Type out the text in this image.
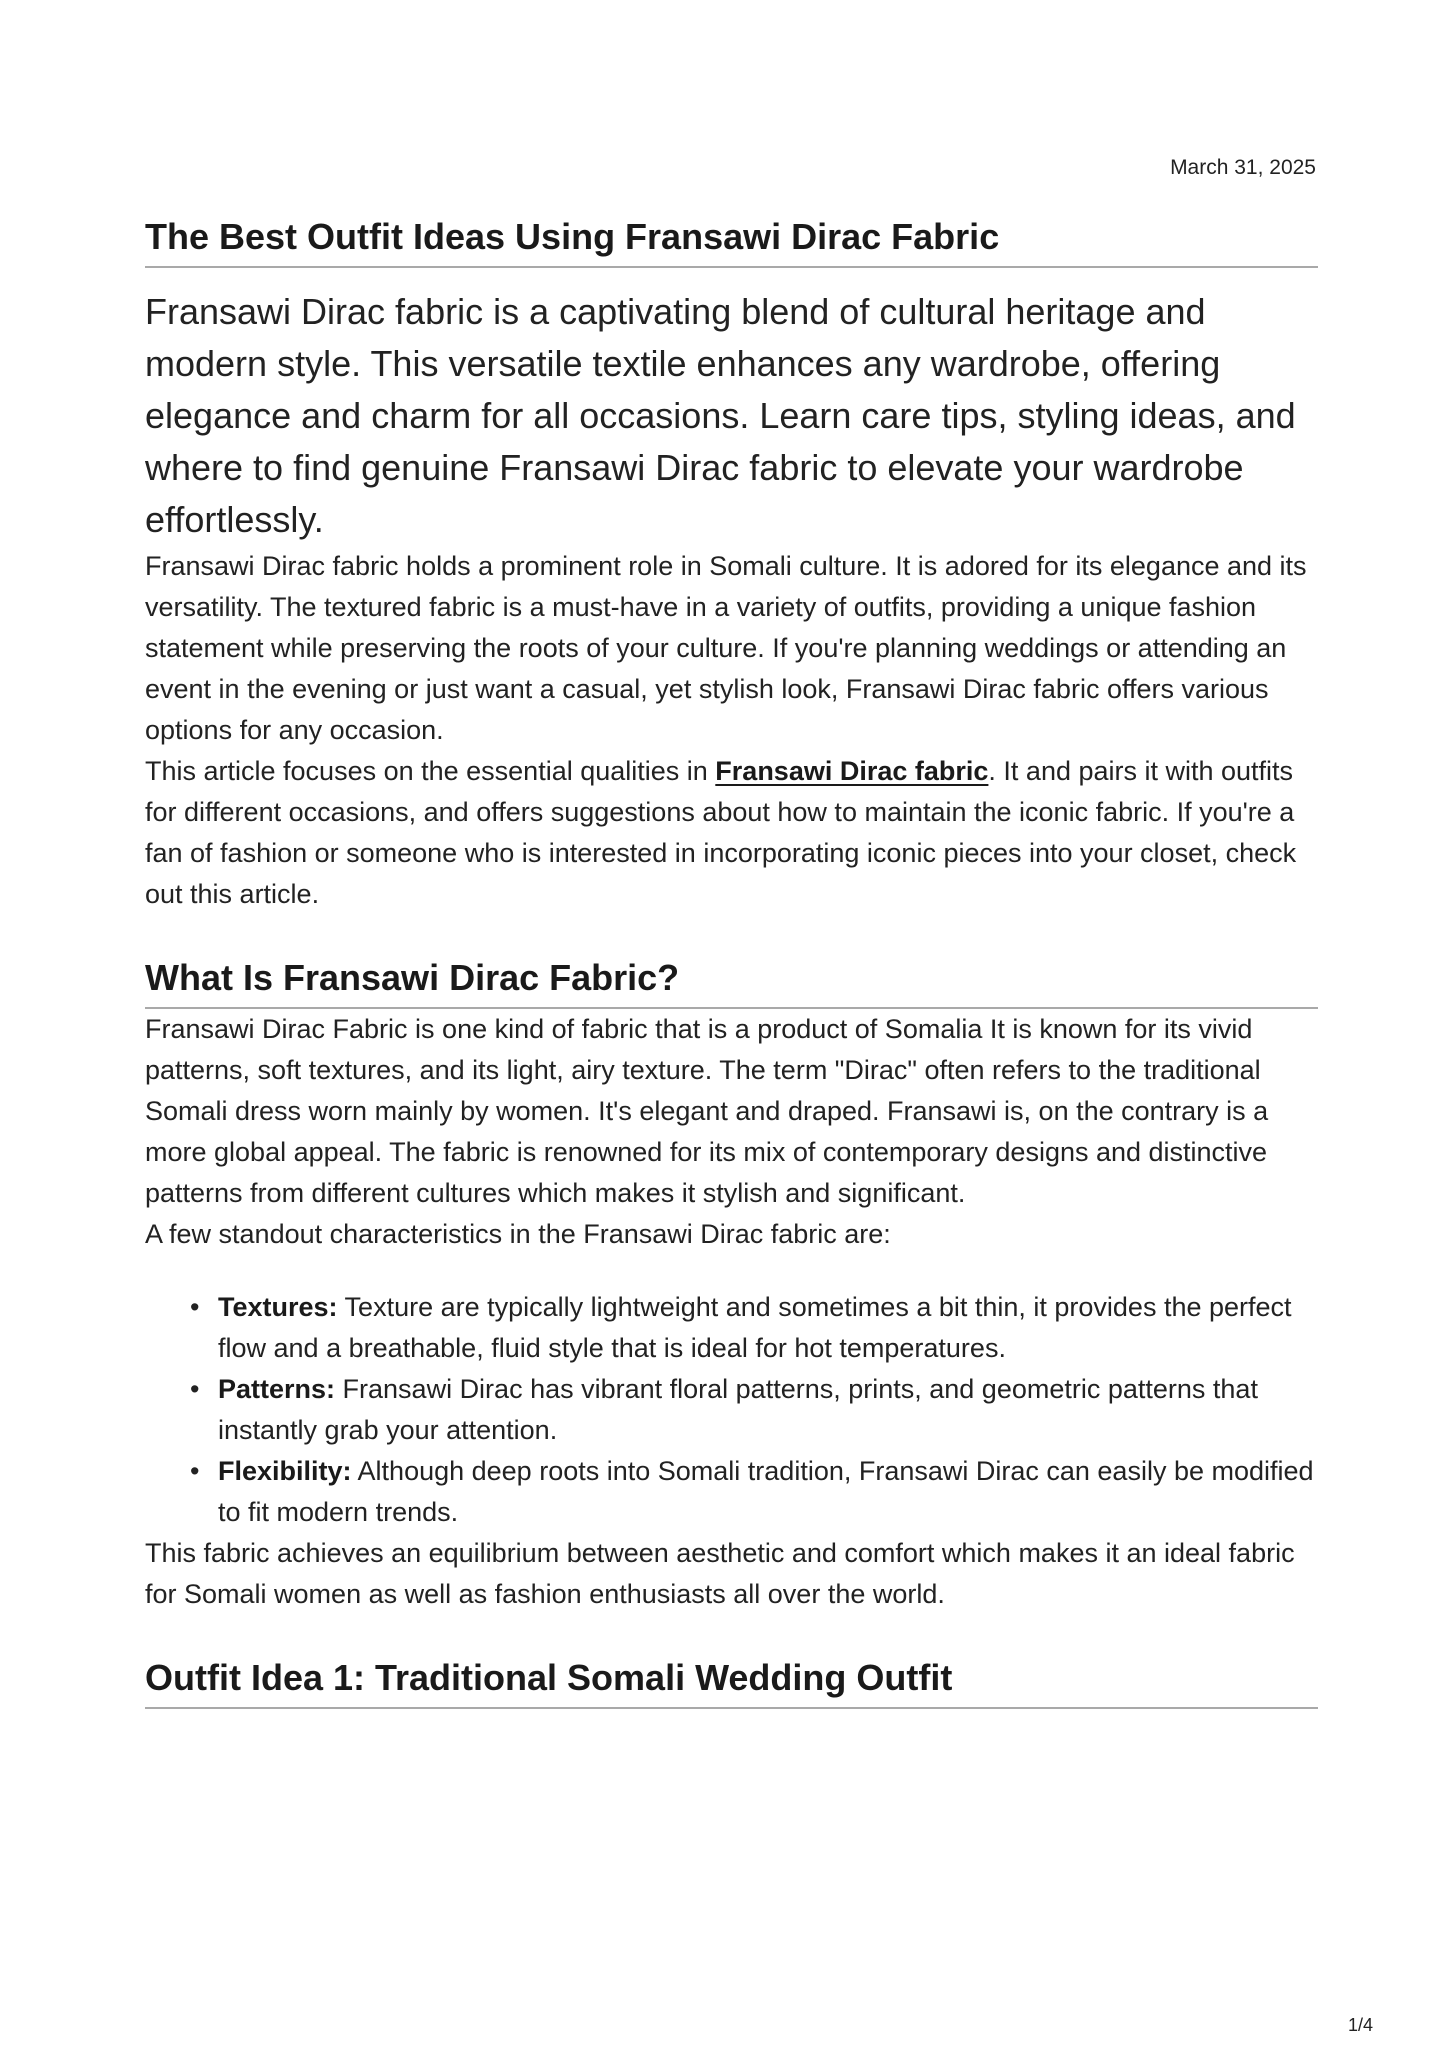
March 31, 2025
The Best Outfit Ideas Using Fransawi Dirac Fabric

Fransawi Dirac fabric is a captivating blend of cultural heritage and modern style. This versatile textile enhances any wardrobe, offering elegance and charm for all occasions. Learn care tips, styling ideas, and where to find genuine Fransawi Dirac fabric to elevate your wardrobe effortlessly.

Fransawi Dirac fabric holds a prominent role in Somali culture. It is adored for its elegance and its versatility. The textured fabric is a must-have in a variety of outfits, providing a unique fashion statement while preserving the roots of your culture. If you're planning weddings or attending an event in the evening or just want a casual, yet stylish look, Fransawi Dirac fabric offers various options for any occasion.

This article focuses on the essential qualities in Fransawi Dirac fabric. It and pairs it with outfits for different occasions, and offers suggestions about how to maintain the iconic fabric. If you're a fan of fashion or someone who is interested in incorporating iconic pieces into your closet, check out this article.

What Is Fransawi Dirac Fabric?

Fransawi Dirac Fabric is one kind of fabric that is a product of Somalia It is known for its vivid patterns, soft textures, and its light, airy texture. The term "Dirac" often refers to the traditional Somali dress worn mainly by women. It's elegant and draped. Fransawi is, on the contrary is a more global appeal. The fabric is renowned for its mix of contemporary designs and distinctive patterns from different cultures which makes it stylish and significant.

A few standout characteristics in the Fransawi Dirac fabric are:

• Textures: Texture are typically lightweight and sometimes a bit thin, it provides the perfect flow and a breathable, fluid style that is ideal for hot temperatures.
• Patterns: Fransawi Dirac has vibrant floral patterns, prints, and geometric patterns that instantly grab your attention.
• Flexibility: Although deep roots into Somali tradition, Fransawi Dirac can easily be modified to fit modern trends.

This fabric achieves an equilibrium between aesthetic and comfort which makes it an ideal fabric for Somali women as well as fashion enthusiasts all over the world.

Outfit Idea 1: Traditional Somali Wedding Outfit
1/4
